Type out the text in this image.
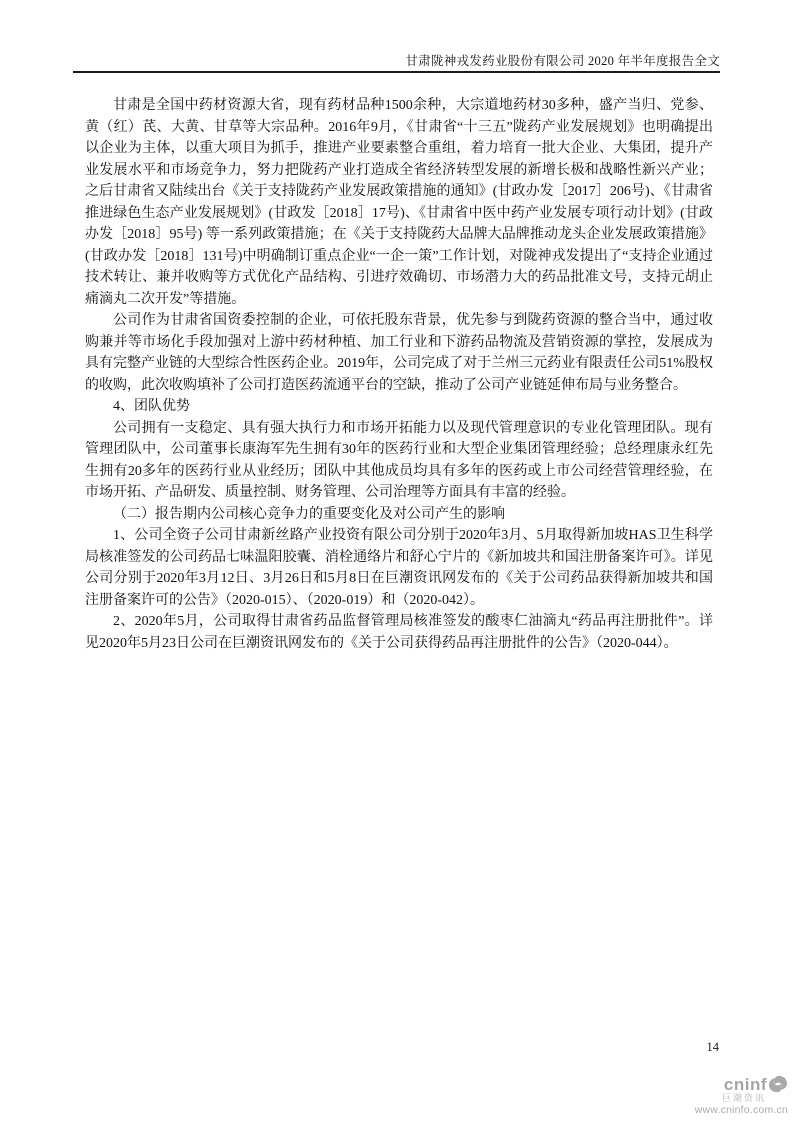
甘肃陇神戎发药业股份有限公司 2020 年半年度报告全文

甘肃是全国中药材资源大省，现有药材品种1500余种，大宗道地药材30多种，盛产当归、党参、黄（红）芪、大黄、甘草等大宗品种。2016年9月，《甘肃省“十三五”陇药产业发展规划》也明确提出以企业为主体，以重大项目为抓手，推进产业要素整合重组，着力培育一批大企业、大集团，提升产业发展水平和市场竞争力，努力把陇药产业打造成全省经济转型发展的新增长极和战略性新兴产业；之后甘肃省又陆续出台《关于支持陇药产业发展政策措施的通知》(甘政办发［2017］206号)、《甘肃省推进绿色生态产业发展规划》(甘政发［2018］17号)、《甘肃省中医中药产业发展专项行动计划》(甘政办发［2018］95号) 等一系列政策措施；在《关于支持陇药大品牌大品牌推动龙头企业发展政策措施》(甘政办发［2018］131号)中明确制订重点企业“一企一策”工作计划，对陇神戎发提出了“支持企业通过技术转让、兼并收购等方式优化产品结构、引进疗效确切、市场潜力大的药品批准文号，支持元胡止痛滴丸二次开发”等措施。

公司作为甘肃省国资委控制的企业，可依托股东背景，优先参与到陇药资源的整合当中，通过收购兼并等市场化手段加强对上游中药材种植、加工行业和下游药品物流及营销资源的掌控，发展成为具有完整产业链的大型综合性医药企业。2019年，公司完成了对于兰州三元药业有限责任公司51%股权的收购，此次收购填补了公司打造医药流通平台的空缺，推动了公司产业链延伸布局与业务整合。

4、团队优势

公司拥有一支稳定、具有强大执行力和市场开拓能力以及现代管理意识的专业化管理团队。现有管理团队中，公司董事长康海军先生拥有30年的医药行业和大型企业集团管理经验；总经理康永红先生拥有20多年的医药行业从业经历；团队中其他成员均具有多年的医药或上市公司经营管理经验，在市场开拓、产品研发、质量控制、财务管理、公司治理等方面具有丰富的经验。

（二）报告期内公司核心竞争力的重要变化及对公司产生的影响

1、公司全资子公司甘肃新丝路产业投资有限公司分别于2020年3月、5月取得新加坡HAS卫生科学局核准签发的公司药品七味温阳胶囊、消栓通络片和舒心宁片的《新加坡共和国注册备案许可》。详见公司分别于2020年3月12日、3月26日和5月8日在巨潮资讯网发布的《关于公司药品获得新加坡共和国注册备案许可的公告》（2020-015）、（2020-019）和（2020-042）。

2、2020年5月，公司取得甘肃省药品监督管理局核准签发的酸枣仁油滴丸“药品再注册批件”。详见2020年5月23日公司在巨潮资讯网发布的《关于公司获得药品再注册批件的公告》（2020-044）。

14
cninf
巨潮资讯
www.cninfo.com.cn
